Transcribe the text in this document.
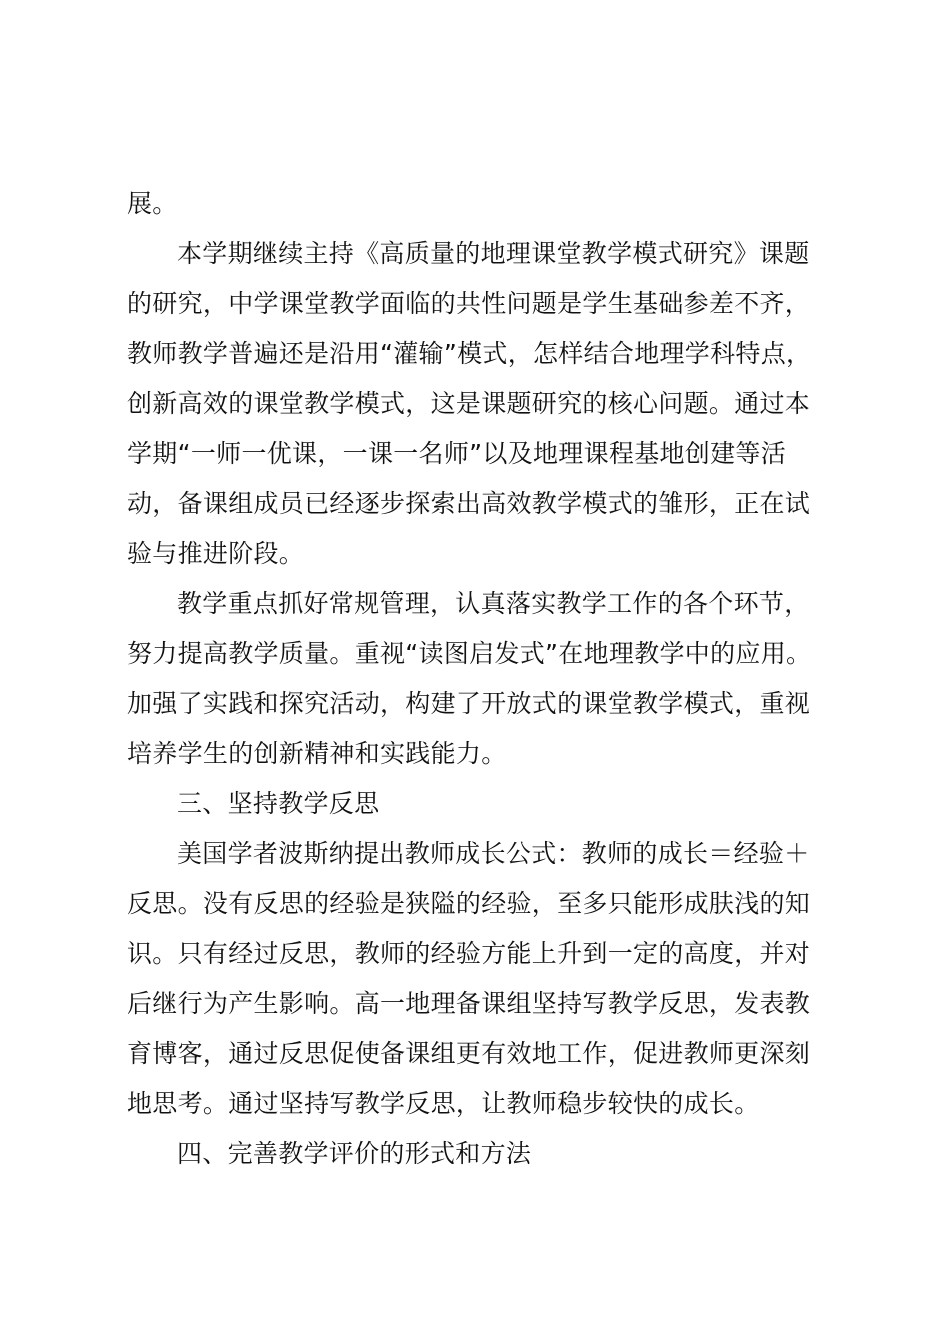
展。
本学期继续主持《高质量的地理课堂教学模式研究》课题
的研究，中学课堂教学面临的共性问题是学生基础参差不齐，
教师教学普遍还是沿用“灌输”模式，怎样结合地理学科特点，
创新高效的课堂教学模式，这是课题研究的核心问题。通过本
学期“一师一优课，一课一名师”以及地理课程基地创建等活
动，备课组成员已经逐步探索出高效教学模式的雏形，正在试
验与推进阶段。
教学重点抓好常规管理，认真落实教学工作的各个环节，
努力提高教学质量。重视“读图启发式”在地理教学中的应用。
加强了实践和探究活动，构建了开放式的课堂教学模式，重视
培养学生的创新精神和实践能力。
三、坚持教学反思
美国学者波斯纳提出教师成长公式：教师的成长＝经验＋
反思。没有反思的经验是狭隘的经验，至多只能形成肤浅的知
识。只有经过反思，教师的经验方能上升到一定的高度，并对
后继行为产生影响。高一地理备课组坚持写教学反思，发表教
育博客，通过反思促使备课组更有效地工作，促进教师更深刻
地思考。通过坚持写教学反思，让教师稳步较快的成长。
四、完善教学评价的形式和方法
